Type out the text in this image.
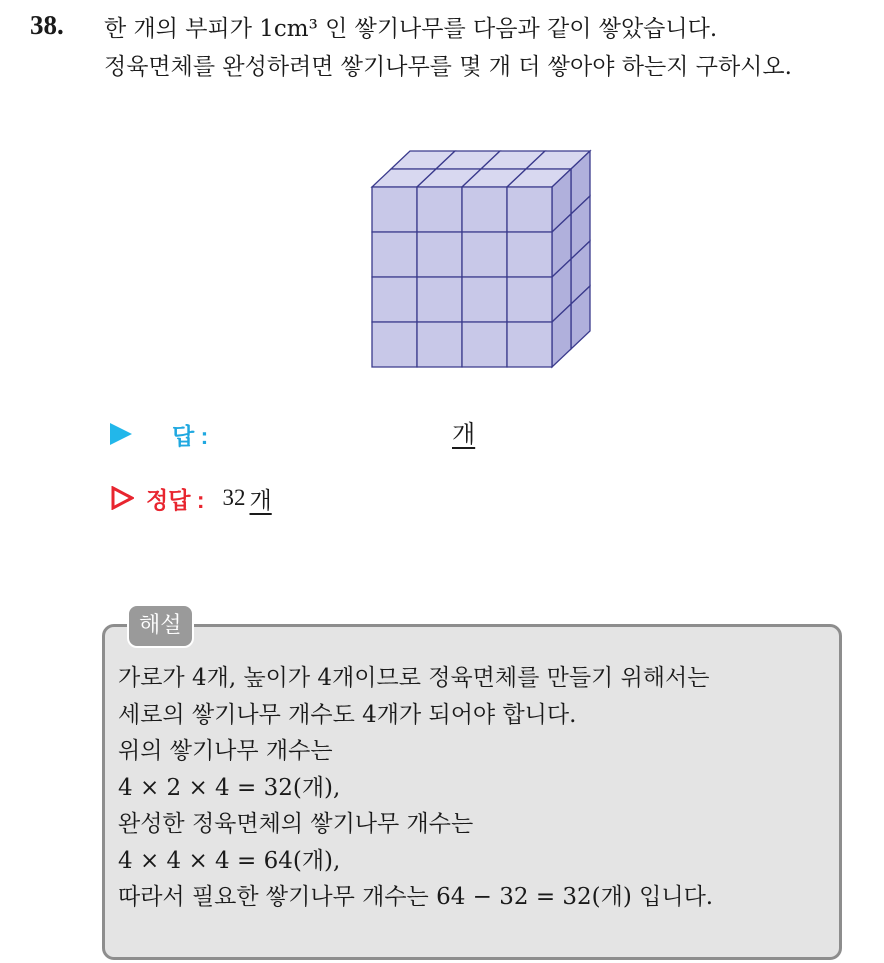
38. 한 개의 부피가 1cm³ 인 쌓기나무를 다음과 같이 쌓았습니다.
정육면체를 완성하려면 쌓기나무를 몇 개 더 쌓아야 하는지 구하시오.
답 :	개
정답 : 32 개
해설
가로가 4개, 높이가 4개이므로 정육면체를 만들기 위해서는
세로의 쌓기나무 개수도 4개가 되어야 합니다.
위의 쌓기나무 개수는
4 × 2 × 4 = 32(개),
완성한 정육면체의 쌓기나무 개수는
4 × 4 × 4 = 64(개),
따라서 필요한 쌓기나무 개수는 64 − 32 = 32(개) 입니다.
